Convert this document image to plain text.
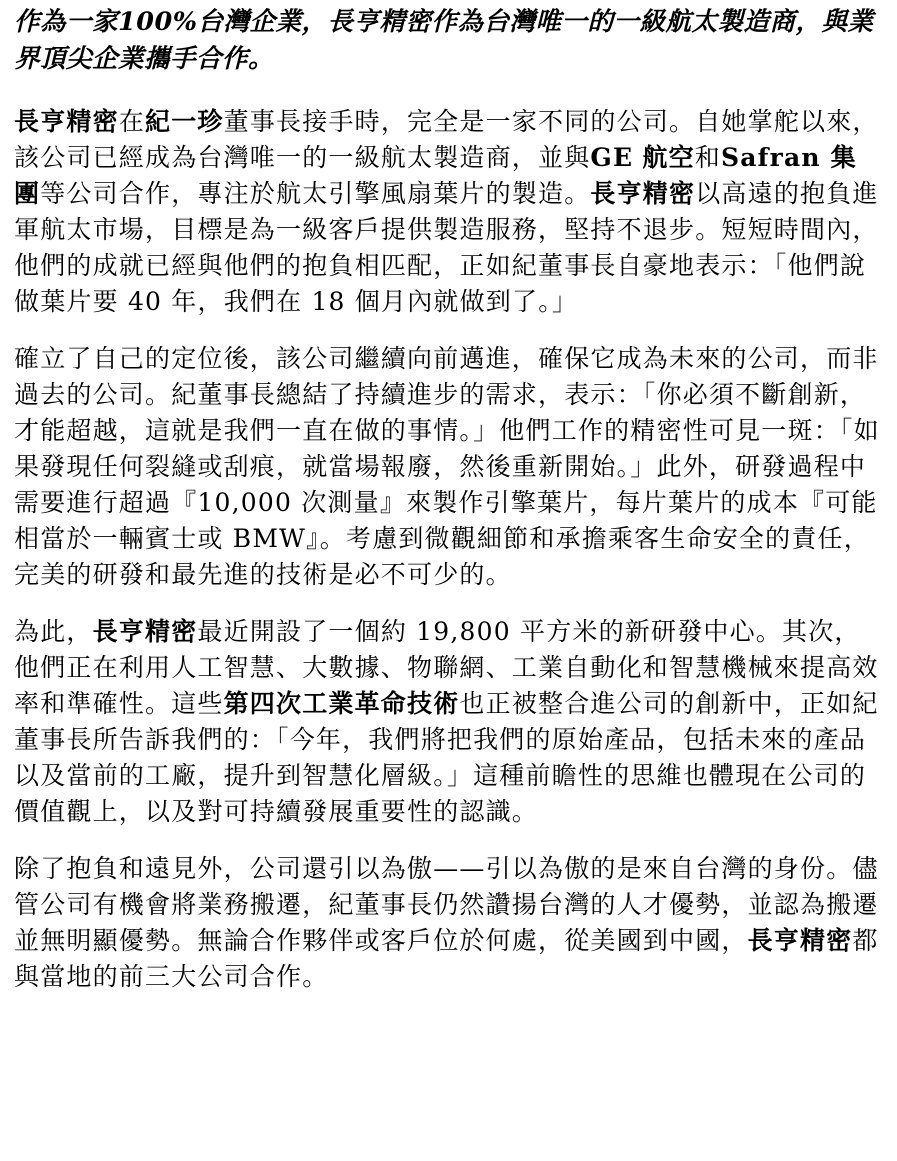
作為一家100%台灣企業，長亨精密作為台灣唯一的一級航太製造商，與業界頂尖企業攜手合作。

長亨精密在紀一珍董事長接手時，完全是一家不同的公司。自她掌舵以來，該公司已經成為台灣唯一的一級航太製造商，並與GE 航空和Safran 集團等公司合作，專注於航太引擎風扇葉片的製造。長亨精密以高遠的抱負進軍航太市場，目標是為一級客戶提供製造服務，堅持不退步。短短時間內，他們的成就已經與他們的抱負相匹配，正如紀董事長自豪地表示：「他們說做葉片要 40 年，我們在 18 個月內就做到了。」

確立了自己的定位後，該公司繼續向前邁進，確保它成為未來的公司，而非過去的公司。紀董事長總結了持續進步的需求，表示：「你必須不斷創新，才能超越，這就是我們一直在做的事情。」他們工作的精密性可見一斑：「如果發現任何裂縫或刮痕，就當場報廢，然後重新開始。」此外，研發過程中需要進行超過『10,000 次測量』來製作引擎葉片，每片葉片的成本『可能相當於一輛賓士或 BMW』。考慮到微觀細節和承擔乘客生命安全的責任，完美的研發和最先進的技術是必不可少的。

為此，長亨精密最近開設了一個約 19,800 平方米的新研發中心。其次，他們正在利用人工智慧、大數據、物聯網、工業自動化和智慧機械來提高效率和準確性。這些第四次工業革命技術也正被整合進公司的創新中，正如紀董事長所告訴我們的：「今年，我們將把我們的原始產品，包括未來的產品以及當前的工廠，提升到智慧化層級。」這種前瞻性的思維也體現在公司的價值觀上，以及對可持續發展重要性的認識。

除了抱負和遠見外，公司還引以為傲——引以為傲的是來自台灣的身份。儘管公司有機會將業務搬遷，紀董事長仍然讚揚台灣的人才優勢，並認為搬遷並無明顯優勢。無論合作夥伴或客戶位於何處，從美國到中國，長亨精密都與當地的前三大公司合作。
